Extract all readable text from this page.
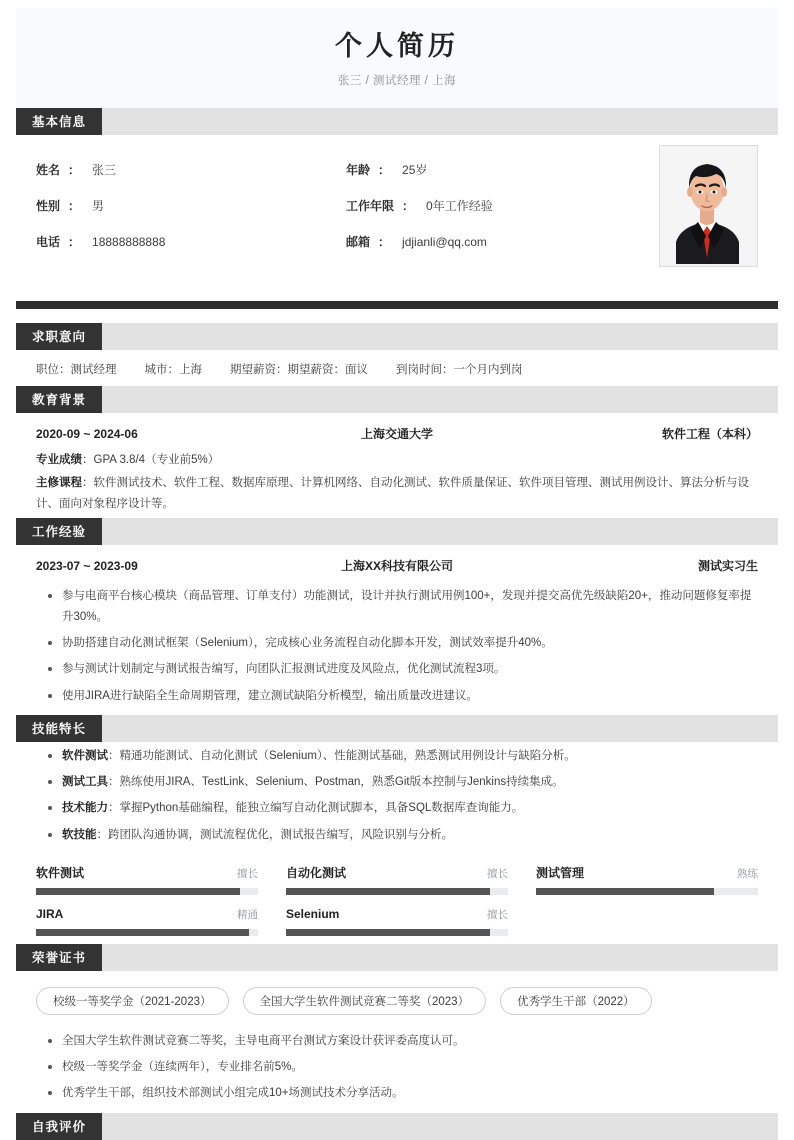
个人简历

张三 / 测试经理 / 上海

基本信息
姓名 ： 张三	年龄 ： 25岁
性别 ： 男	工作年限 ： 0年工作经验
电话 ： 18888888888	邮箱 ： jdjianli@qq.com
求职意向
职位：测试经理 城市：上海 期望薪资：期望薪资：面议 到岗时间：一个月内到岗
教育背景
2020-09 ~ 2024-06	上海交通大学	软件工程（本科）
专业成绩：GPA 3.8/4（专业前5%）
主修课程：软件测试技术、软件工程、数据库原理、计算机网络、自动化测试、软件质量保证、软件项目管理、测试用例设计、算法分析与设计、面向对象程序设计等。
工作经验
2023-07 ~ 2023-09	上海XX科技有限公司	测试实习生
参与电商平台核心模块（商品管理、订单支付）功能测试，设计并执行测试用例100+，发现并提交高优先级缺陷20+，推动问题修复率提升30%。
协助搭建自动化测试框架（Selenium），完成核心业务流程自动化脚本开发，测试效率提升40%。
参与测试计划制定与测试报告编写，向团队汇报测试进度及风险点，优化测试流程3项。
使用JIRA进行缺陷全生命周期管理，建立测试缺陷分析模型，输出质量改进建议。
技能特长
软件测试：精通功能测试、自动化测试（Selenium）、性能测试基础，熟悉测试用例设计与缺陷分析。
测试工具：熟练使用JIRA、TestLink、Selenium、Postman，熟悉Git版本控制与Jenkins持续集成。
技术能力：掌握Python基础编程，能独立编写自动化测试脚本，具备SQL数据库查询能力。
软技能：跨团队沟通协调，测试流程优化，测试报告编写，风险识别与分析。
软件测试	擅长 自动化测试	擅长 测试管理	熟练
JIRA	精通 Selenium	擅长
荣誉证书
校级一等奖学金（2021-2023）	全国大学生软件测试竞赛二等奖（2023）	优秀学生干部（2022）
全国大学生软件测试竞赛二等奖，主导电商平台测试方案设计获评委高度认可。
校级一等奖学金（连续两年），专业排名前5%。
优秀学生干部，组织技术部测试小组完成10+场测试技术分享活动。
自我评价
